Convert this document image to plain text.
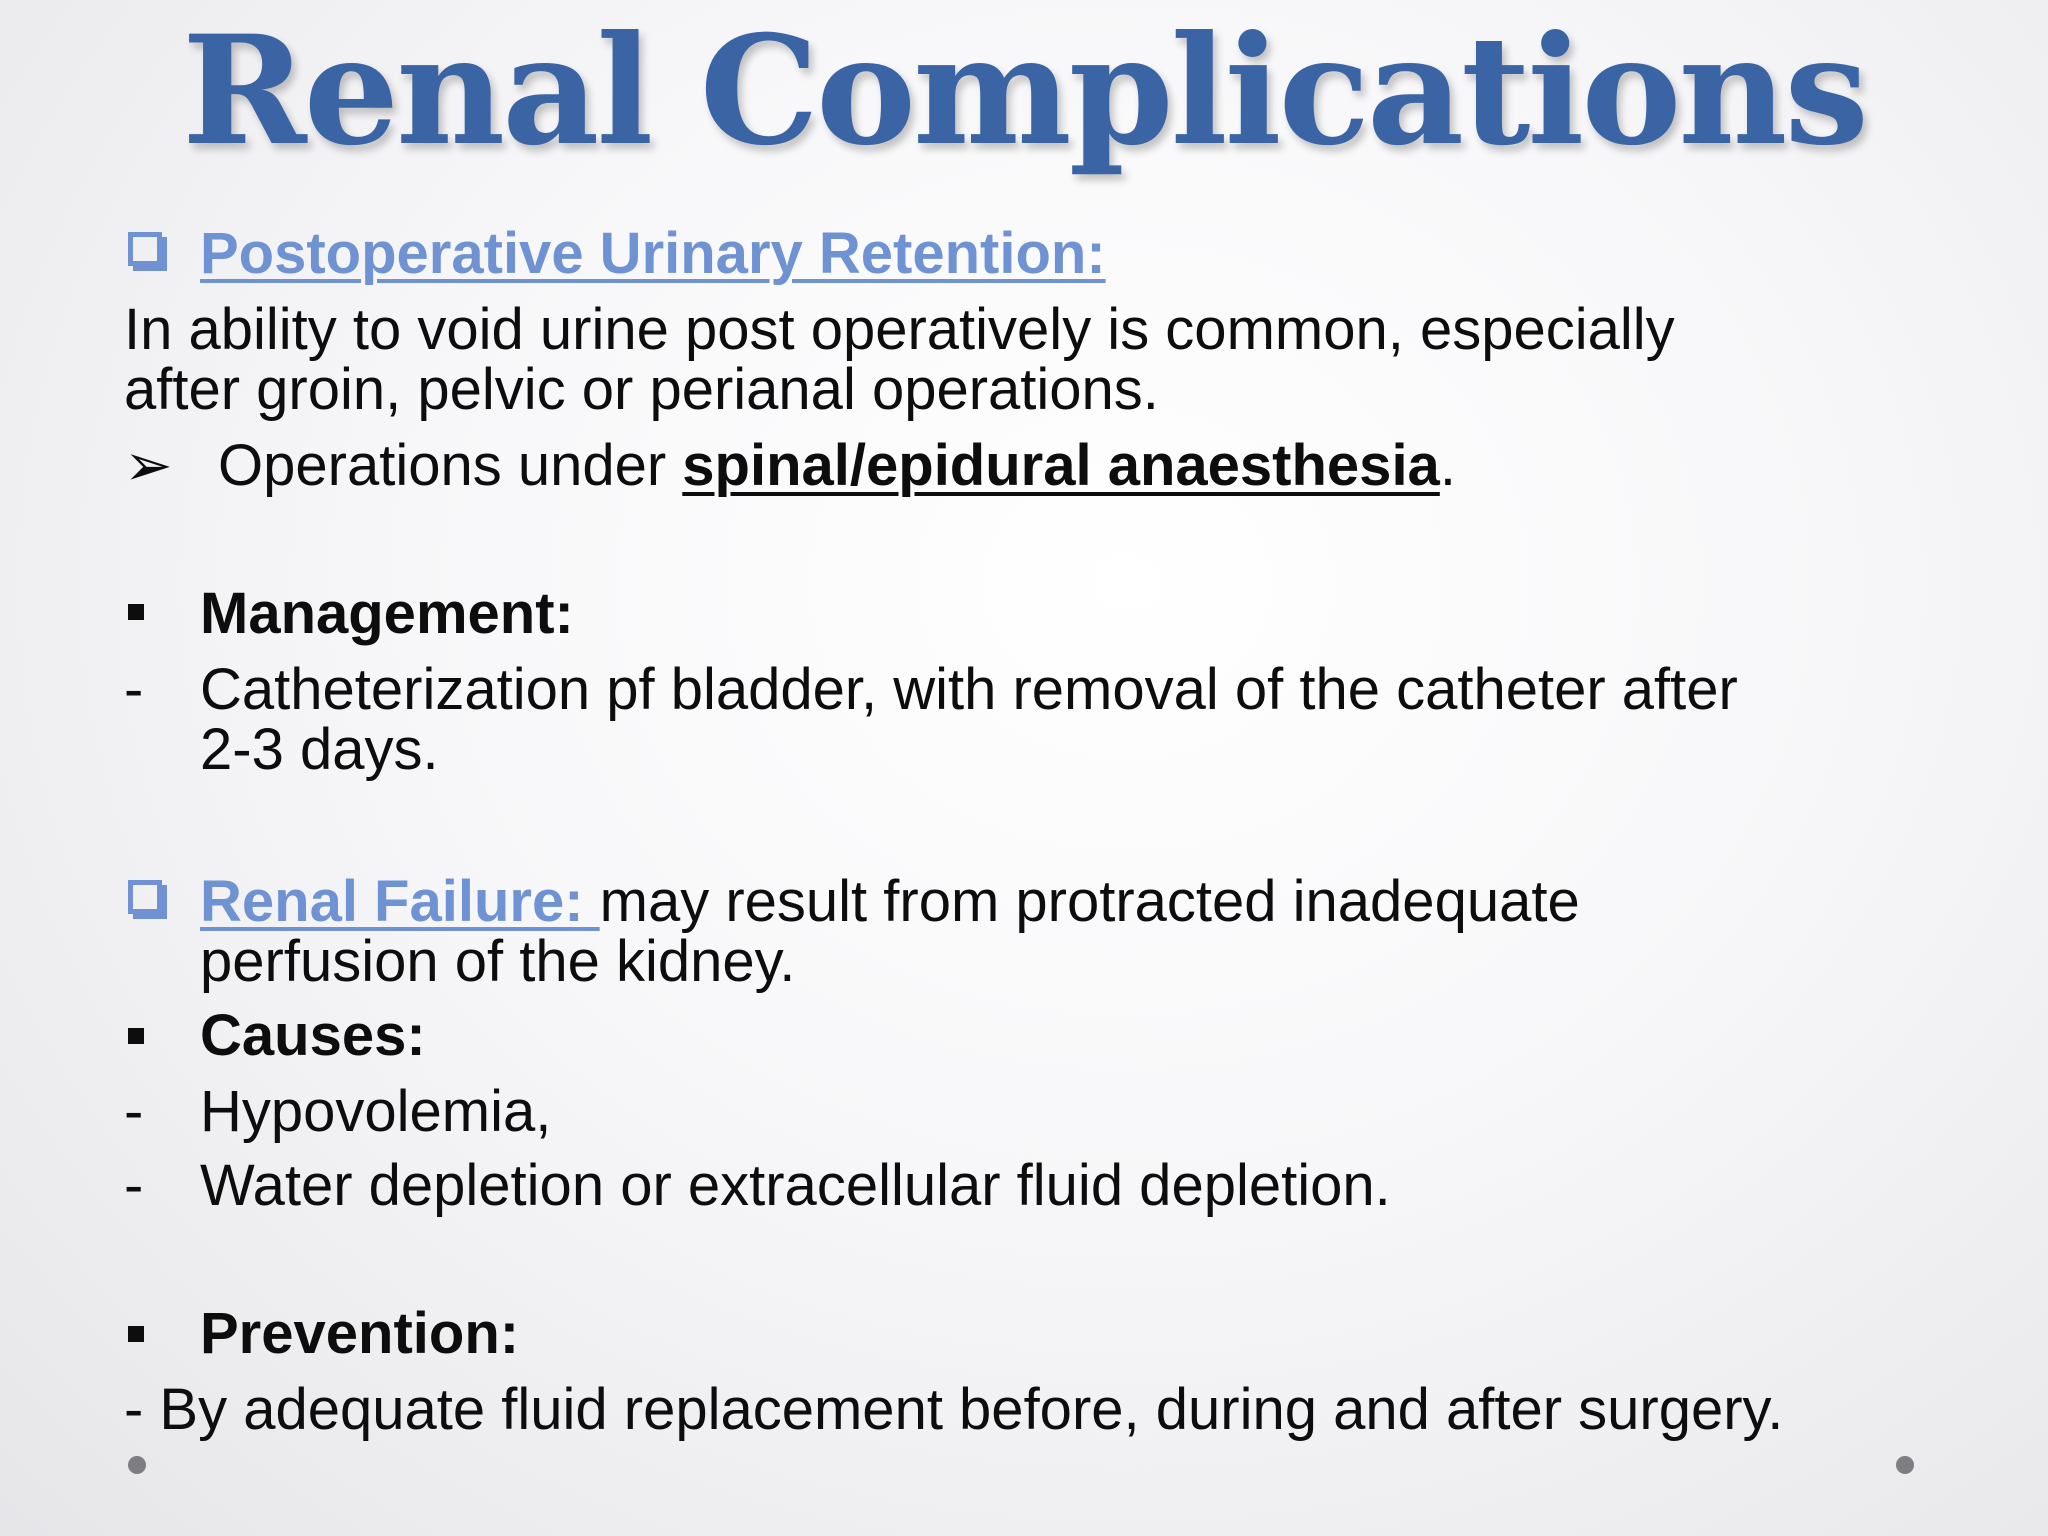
Renal Complications
Postoperative Urinary Retention:
In ability to void urine post operatively is common, especially
after groin, pelvic or perianal operations.
➢ Operations under spinal/epidural anaesthesia.
Management:
- Catheterization pf bladder, with removal of the catheter after
2-3 days.
Renal Failure: may result from protracted inadequate
perfusion of the kidney.
Causes:
- Hypovolemia,
- Water depletion or extracellular fluid depletion.
Prevention:
- By adequate fluid replacement before, during and after surgery.
